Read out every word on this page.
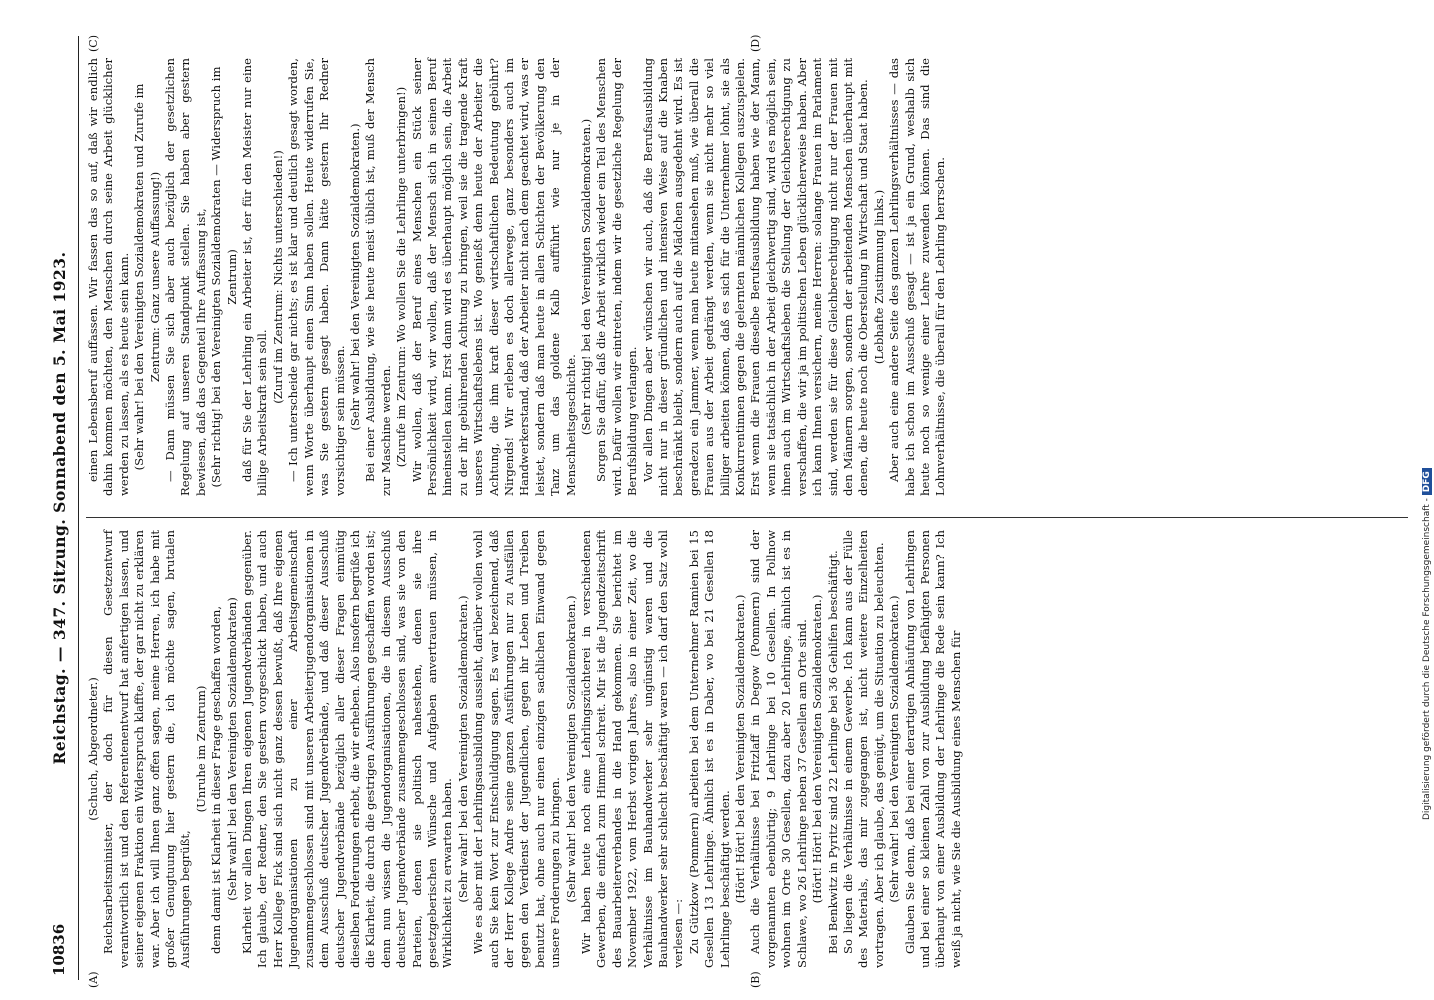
10836
Reichstag. — 347. Sitzung. Sonnabend den 5. Mai 1923.
(A)	(B)
(C)	(D)

(Schuch, Abgeordneter.) Reichsarbeitsminister, der doch für diesen Gesetzentwurf verantwortlich ist und den Referentenentwurf hat anfertigen lassen, und seiner eigenen Fraktion ein Widerspruch klaffte, der gar nicht zu erklären war. Aber ich will Ihnen ganz offen sagen, meine Herren, ich habe mit großer Genugtuung hier gestern die, ich möchte sagen, brutalen Ausführungen begrüßt,

(Unruhe im Zentrum) denn damit ist Klarheit in dieser Frage geschaffen worden, (Sehr wahr! bei den Vereinigten Sozialdemokraten) Klarheit vor allen Dingen Ihren eigenen Jugendverbänden gegenüber. Ich glaube, der Redner, den Sie gestern vorgeschickt haben, und auch Herr Kollege Fick sind sich nicht ganz dessen bewußt, daß Ihre eigenen Jugendorganisationen zu einer Arbeitsgemeinschaft zusammengeschlossen sind mit unseren Arbeiterjugendorganisationen in dem Ausschuß deutscher Jugendverbände, und daß dieser Ausschuß deutscher Jugendverbände bezüglich aller dieser Fragen einmütig dieselben Forderungen erhebt, die wir erheben. Also insofern begrüße ich die Klarheit, die durch die gestrigen Ausführungen geschaffen worden ist; denn nun wissen die Jugendorganisationen, die in diesem Ausschuß deutscher Jugendverbände zusammengeschlossen sind, was sie von den Parteien, denen sie politisch nahestehen, denen sie ihre gesetzgeberischen Wünsche und Aufgaben anvertrauen müssen, in Wirklichkeit zu erwarten haben. (Sehr wahr! bei den Vereinigten Sozialdemokraten.) Wie es aber mit der Lehrlingsausbildung aussieht, darüber wollen wohl auch Sie kein Wort zur Entschuldigung sagen. Es war bezeichnend, daß der Herr Kollege Andre seine ganzen Ausführungen nur zu Ausfällen gegen den Verdienst der Jugendlichen, gegen ihr Leben und Treiben benutzt hat, ohne auch nur einen einzigen sachlichen Einwand gegen unsere Forderungen zu bringen. (Sehr wahr! bei den Vereinigten Sozialdemokraten.) Wir haben heute noch eine Lehrlingszüchterei in verschiedenen Gewerben, die einfach zum Himmel schreit. Mir ist die Jugendzeitschrift des Bauarbeiterverbandes in die Hand gekommen. Sie berichtet im November 1922, vom Herbst vorigen Jahres, also in einer Zeit, wo die Verhältnisse im Bauhandwerker sehr ungünstig waren und die Bauhandwerker sehr schlecht beschäftigt waren — ich darf den Satz wohl verlesen —: Zu Gützkow (Pommern) arbeiten bei dem Unternehmer Ramien bei 15 Gesellen 13 Lehrlinge. Ähnlich ist es in Daber, wo bei 21 Gesellen 18 Lehrlinge beschäftigt werden. (Hört! Hört! bei den Vereinigten Sozialdemokraten.) Auch die Verhältnisse bei Fritzlaff in Degow (Pommern) sind der vorgenannten ebenbürtig; 9 Lehrlinge bei 10 Gesellen. In Pollnow wohnen im Orte 30 Gesellen, dazu aber 20 Lehrlinge, ähnlich ist es in Schlawe, wo 26 Lehrlinge neben 37 Gesellen am Orte sind. (Hört! Hört! bei den Vereinigten Sozialdemokraten.) Bei Benkwitz in Pyritz sind 22 Lehrlinge bei 36 Gehilfen beschäftigt. So liegen die Verhältnisse in einem Gewerbe. Ich kann aus der Fülle des Materials, das mir zugegangen ist, nicht weitere Einzelheiten vortragen. Aber ich glaube, das genügt, um die Situation zu beleuchten. (Sehr wahr! bei den Vereinigten Sozialdemokraten.) Glauben Sie denn, daß bei einer derartigen Anhäufung von Lehrlingen und bei einer so kleinen Zahl von zur Ausbildung befähigten Personen überhaupt von einer Ausbildung der Lehrlinge die Rede sein kann? Ich weiß ja nicht, wie Sie die Ausbildung eines Menschen für

einen Lebensberuf auffassen. Wir fassen das so auf, daß wir endlich dahin kommen möchten, den Menschen durch seine Arbeit glücklicher werden zu lassen, als es heute sein kann. (Sehr wahr! bei den Vereinigten Sozialdemokraten und Zurufe im Zentrum: Ganz unsere Auffassung!) — Dann müssen Sie sich aber auch bezüglich der gesetzlichen Regelung auf unseren Standpunkt stellen. Sie haben aber gestern bewiesen, daß das Gegenteil Ihre Auffassung ist, (Sehr richtig! bei den Vereinigten Sozialdemokraten — Widerspruch im Zentrum) daß für Sie der Lehrling ein Arbeiter ist, der für den Meister nur eine billige Arbeitskraft sein soll.

(Zuruf im Zentrum: Nichts unterschieden!) — Ich unterscheide gar nichts; es ist klar und deutlich gesagt worden, wenn Worte überhaupt einen Sinn haben sollen. Heute widerrufen Sie, was Sie gestern gesagt haben. Dann hätte gestern Ihr Redner vorsichtiger sein müssen. (Sehr wahr! bei den Vereinigten Sozialdemokraten.) Bei einer Ausbildung, wie sie heute meist üblich ist, muß der Mensch zur Maschine werden. (Zurufe im Zentrum: Wo wollen Sie die Lehrlinge unterbringen!) Wir wollen, daß der Beruf eines Menschen ein Stück seiner Persönlichkeit wird, wir wollen, daß der Mensch sich in seinen Beruf hineinstellen kann. Erst dann wird es überhaupt möglich sein, die Arbeit zu der ihr gebührenden Achtung zu bringen, weil sie die tragende Kraft unseres Wirtschaftslebens ist. Wo genießt denn heute der Arbeiter die Achtung, die ihm kraft dieser wirtschaftlichen Bedeutung gebührt? Nirgends! Wir erleben es doch allerwege, ganz besonders auch im Handwerkerstand, daß der Arbeiter nicht nach dem geachtet wird, was er leistet, sondern daß man heute in allen Schichten der Bevölkerung den Tanz um das goldene Kalb aufführt wie nur je in der Menschheitsgeschichte. (Sehr richtig! bei den Vereinigten Sozialdemokraten.) Sorgen Sie dafür, daß die Arbeit wirklich wieder ein Teil des Menschen wird. Dafür wollen wir eintreten, indem wir die gesetzliche Regelung der Berufsbildung verlangen. Vor allen Dingen aber wünschen wir auch, daß die Berufsausbildung nicht nur in dieser gründlichen und intensiven Weise auf die Knaben beschränkt bleibt, sondern auch auf die Mädchen ausgedehnt wird. Es ist geradezu ein Jammer, wenn man heute mitansehen muß, wie überall die Frauen aus der Arbeit gedrängt werden, wenn sie nicht mehr so viel billiger arbeiten können, daß es sich für die Unternehmer lohnt, sie als Konkurrentinnen gegen die gelernten männlichen Kollegen auszuspielen. Erst wenn die Frauen dieselbe Berufsausbildung haben wie der Mann, wenn sie tatsächlich in der Arbeit gleichwertig sind, wird es möglich sein, ihnen auch im Wirtschaftsleben die Stellung der Gleichberechtigung zu verschaffen, die wir ja im politischen Leben glücklicherweise haben. Aber ich kann Ihnen versichern, meine Herren: solange Frauen im Parlament sind, werden sie für diese Gleichberechtigung nicht nur der Frauen mit den Männern sorgen, sondern der arbeitenden Menschen überhaupt mit denen, die heute noch die Oberstellung in Wirtschaft und Staat haben. (Lebhafte Zustimmung links.) Aber auch eine andere Seite des ganzen Lehrlingsverhältnisses — das habe ich schon im Ausschuß gesagt — ist ja ein Grund, weshalb sich heute noch so wenige einer Lehre zuwenden können. Das sind die Lohnverhältnisse, die überall für den Lehrling herrschen.

Digitalisierung gefördert durch die Deutsche Forschungsgemeinschaft - DFG
